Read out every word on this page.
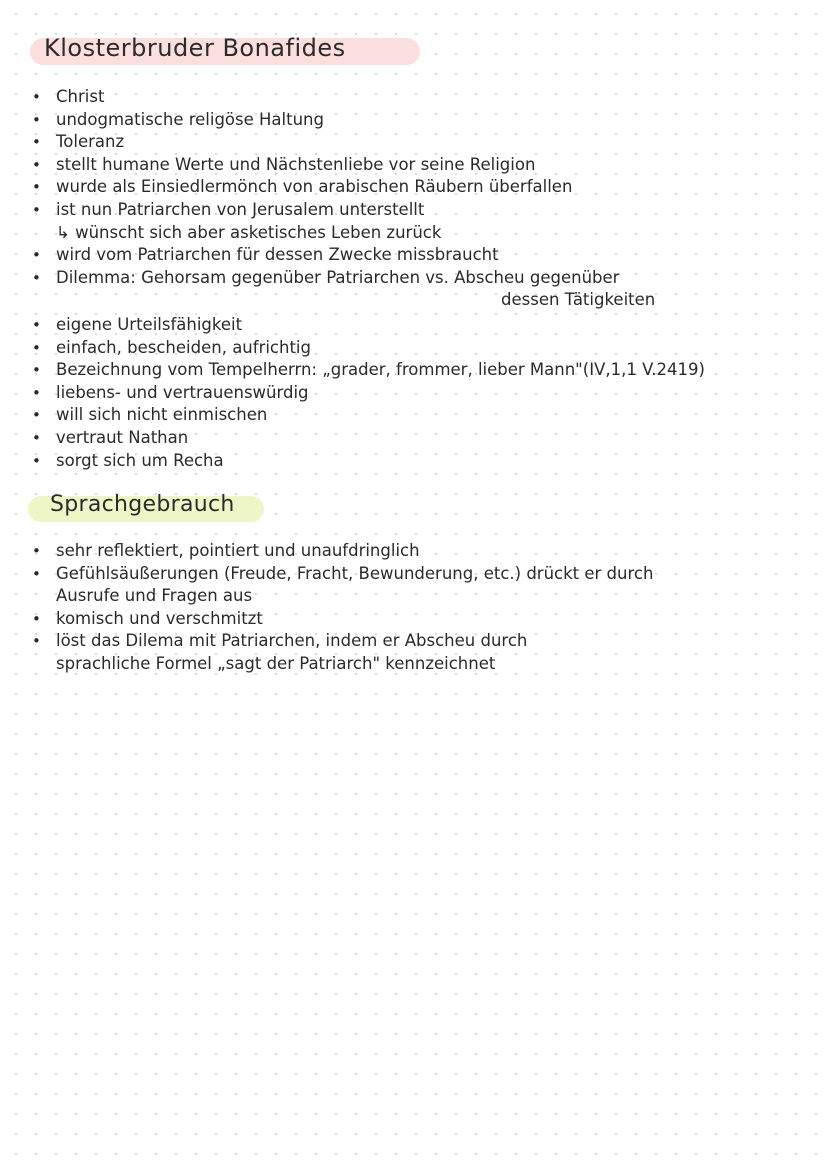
Klosterbruder Bonafides
• Christ
• undogmatische religöse Haltung
• Toleranz
• stellt humane Werte und Nächstenliebe vor seine Religion
• wurde als Einsiedlermönch von arabischen Räubern überfallen
• ist nun Patriarchen von Jerusalem unterstellt
↳ wünscht sich aber asketisches Leben zurück
• wird vom Patriarchen für dessen Zwecke missbraucht
• Dilemma: Gehorsam gegenüber Patriarchen vs. Abscheu gegenüber
dessen Tätigkeiten
• eigene Urteilsfähigkeit
• einfach, bescheiden, aufrichtig
• Bezeichnung vom Tempelherrn: „grader, frommer, lieber Mann"(IV,1,1 V.2419)
• liebens- und vertrauenswürdig
• will sich nicht einmischen
• vertraut Nathan
• sorgt sich um Recha
Sprachgebrauch
• sehr reflektiert, pointiert und unaufdringlich
• Gefühlsäußerungen (Freude, Fracht, Bewunderung, etc.) drückt er durch
Ausrufe und Fragen aus
• komisch und verschmitzt
• löst das Dilema mit Patriarchen, indem er Abscheu durch
sprachliche Formel „sagt der Patriarch" kennzeichnet
